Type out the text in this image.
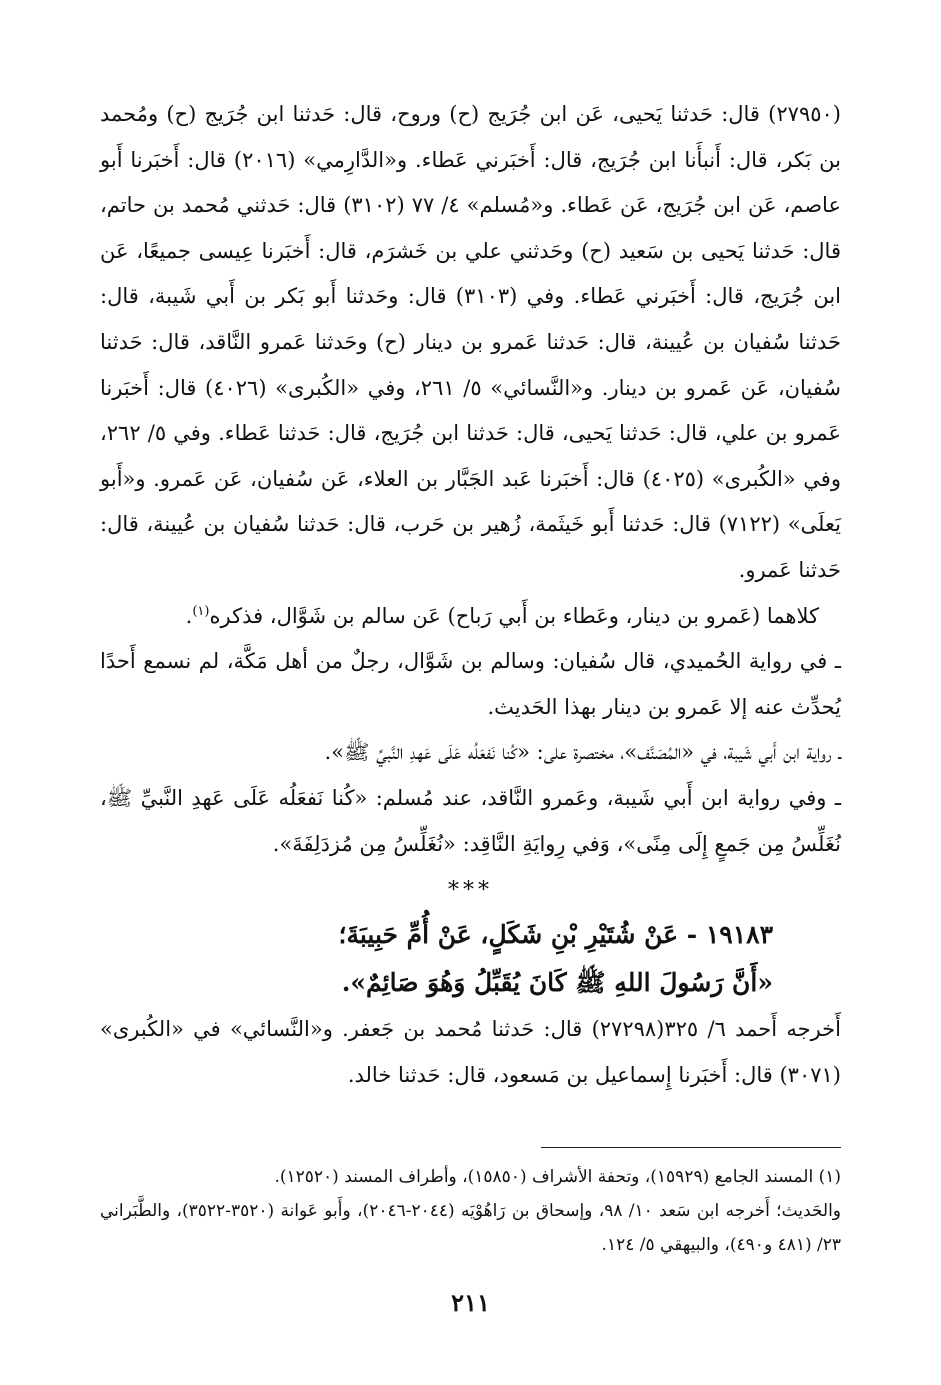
(٢٧٩٥٠) قال: حَدثنا يَحيى، عَن ابن جُرَيج (ح) وروح، قال: حَدثنا ابن جُرَيج (ح) ومُحمد بن بَكر، قال: أَنبأَنا ابن جُرَيج، قال: أَخبَرني عَطاء. و«الدَّارِمي» (٢٠١٦) قال: أَخبَرنا أَبو عاصم، عَن ابن جُرَيج، عَن عَطاء. و«مُسلم» ٤/ ٧٧ (٣١٠٢) قال: حَدثني مُحمد بن حاتم، قال: حَدثنا يَحيى بن سَعيد (ح) وحَدثني علي بن خَشرَم، قال: أَخبَرنا عِيسى جميعًا، عَن ابن جُرَيج، قال: أَخبَرني عَطاء. وفي (٣١٠٣) قال: وحَدثنا أَبو بَكر بن أَبي شَيبة، قال: حَدثنا سُفيان بن عُيينة، قال: حَدثنا عَمرو بن دينار (ح) وحَدثنا عَمرو النَّاقد، قال: حَدثنا سُفيان، عَن عَمرو بن دينار. و«النَّسائي» ٥/ ٢٦١، وفي «الكُبرى» (٤٠٢٦) قال: أَخبَرنا عَمرو بن علي، قال: حَدثنا يَحيى، قال: حَدثنا ابن جُرَيج، قال: حَدثنا عَطاء. وفي ٥/ ٢٦٢، وفي «الكُبرى» (٤٠٢٥) قال: أَخبَرنا عَبد الجَبَّار بن العلاء، عَن سُفيان، عَن عَمرو. و«أَبو يَعلَى» (٧١٢٢) قال: حَدثنا أَبو خَيثَمة، زُهير بن حَرب، قال: حَدثنا سُفيان بن عُيينة، قال: حَدثنا عَمرو.

كلاهما (عَمرو بن دينار، وعَطاء بن أَبي رَباح) عَن سالم بن شَوَّال، فذكره$^{(١)}$.

ـ في رواية الحُميدي، قال سُفيان: وسالم بن شَوَّال، رجلٌ من أهل مَكَّة، لم نسمع أَحدًا يُحدِّث عنه إلا عَمرو بن دينار بهذا الحَديث.

ـ رواية ابن أَبي شَيبة، في «المُصَنَّف»، مختصرة على: «كُنا نَفعَلُه عَلَى عَهدِ النَّبيِّ ﷺ».

ـ وفي رواية ابن أَبي شَيبة، وعَمرو النَّاقد، عند مُسلم: «كُنا نَفعَلُه عَلَى عَهدِ النَّبيِّ ﷺ، نُغَلِّسُ مِن جَمعٍ إِلَى مِنًى»، وَفي رِوايَةِ النَّاقِد: «نُغَلِّسُ مِن مُزدَلِفَةَ».

***

١٩١٨٣ - عَنْ شُتَيْرِ بْنِ شَكَلٍ، عَنْ أُمِّ حَبِيبَةَ؛

«أَنَّ رَسُولَ اللهِ ﷺ كَانَ يُقَبِّلُ وَهُوَ صَائِمٌ».

أَخرجه أَحمد ٦/ ٣٢٥(٢٧٢٩٨) قال: حَدثنا مُحمد بن جَعفر. و«النَّسائي» في «الكُبرى» (٣٠٧١) قال: أَخبَرنا إِسماعيل بن مَسعود، قال: حَدثنا خالد.

(١) المسند الجامع (١٥٩٢٩)، وتحفة الأشراف (١٥٨٥٠)، وأطراف المسند (١٢٥٢٠).

والحَديث؛ أَخرجه ابن سَعد ١٠/ ٩٨، وإسحاق بن رَاهُوْيَه (٢٠٤٤-٢٠٤٦)، وأَبو عَوانة (٣٥٢٠-٣٥٢٢)، والطَّبَراني ٢٣/ (٤٨١ و٤٩٠)، والبيهقي ٥/ ١٢٤.

٢١١
